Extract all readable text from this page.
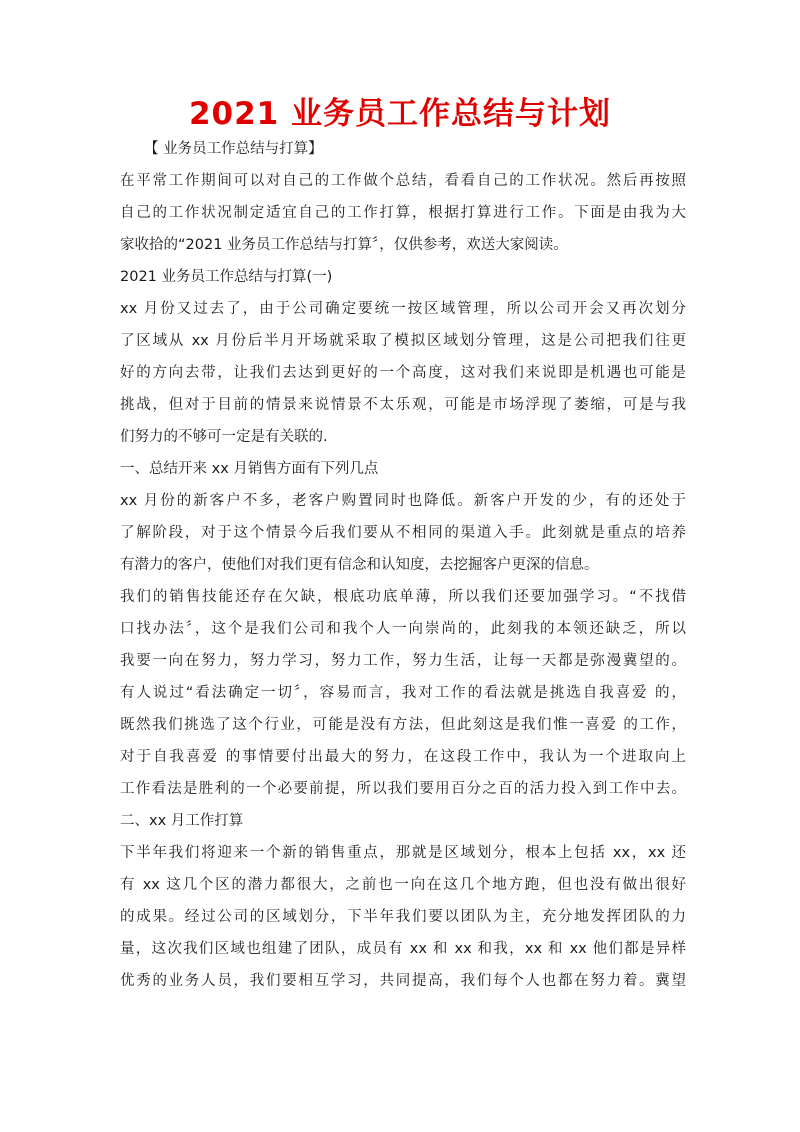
2021 业务员工作总结与计划
【 业务员工作总结与打算】
在平常工作期间可以对自己的工作做个总结，看看自己的工作状况。然后再按照
自己的工作状况制定适宜自己的工作打算，根据打算进行工作。下面是由我为大
家收拾的“2021 业务员工作总结与打算〞，仅供参考，欢送大家阅读。
2021 业务员工作总结与打算(一)
xx 月份又过去了，由于公司确定要统一按区域管理，所以公司开会又再次划分
了区域从 xx 月份后半月开场就采取了模拟区域划分管理，这是公司把我们往更
好的方向去带，让我们去达到更好的一个高度，这对我们来说即是机遇也可能是
挑战，但对于目前的情景来说情景不太乐观，可能是市场浮现了萎缩，可是与我
们努力的不够可一定是有关联的.
一、总结开来 xx 月销售方面有下列几点
xx 月份的新客户不多，老客户购置同时也降低。新客户开发的少，有的还处于
了解阶段，对于这个情景今后我们要从不相同的渠道入手。此刻就是重点的培养
有潜力的客户，使他们对我们更有信念和认知度，去挖掘客户更深的信息。
我们的销售技能还存在欠缺，根底功底单薄，所以我们还要加强学习。“不找借
口找办法〞，这个是我们公司和我个人一向崇尚的，此刻我的本领还缺乏，所以
我要一向在努力，努力学习，努力工作，努力生活，让每一天都是弥漫冀望的。
有人说过“看法确定一切〞，容易而言，我对工作的看法就是挑选自我喜爱 的，
既然我们挑选了这个行业，可能是没有方法，但此刻这是我们惟一喜爱 的工作，
对于自我喜爱 的事情要付出最大的努力，在这段工作中，我认为一个进取向上
工作看法是胜利的一个必要前提，所以我们要用百分之百的活力投入到工作中去。
二、xx 月工作打算
下半年我们将迎来一个新的销售重点，那就是区域划分，根本上包括 xx，xx 还
有 xx 这几个区的潜力都很大，之前也一向在这几个地方跑，但也没有做出很好
的成果。经过公司的区域划分，下半年我们要以团队为主，充分地发挥团队的力
量，这次我们区域也组建了团队，成员有 xx 和 xx 和我，xx 和 xx 他们都是异样
优秀的业务人员，我们要相互学习，共同提高，我们每个人也都在努力着。冀望
